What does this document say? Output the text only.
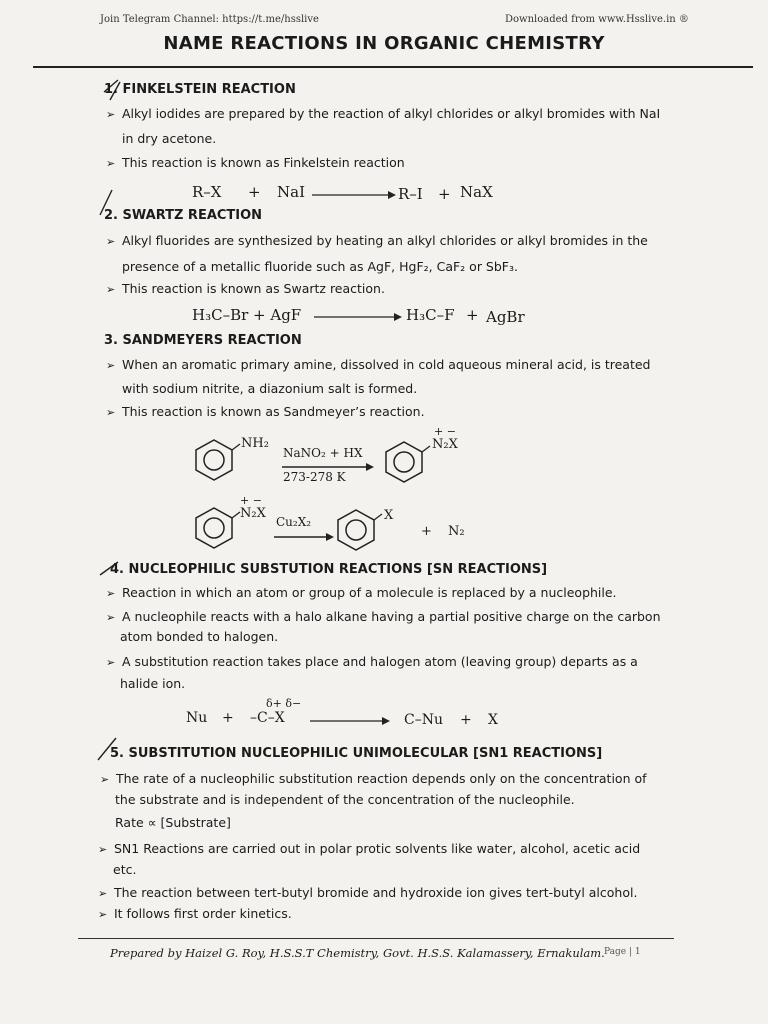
Join Telegram Channel: https://t.me/hsslive	Downloaded from www.Hsslive.in ®
NAME REACTIONS IN ORGANIC CHEMISTRY
1. FINKELSTEIN REACTION
➢ Alkyl iodides are prepared by the reaction of alkyl chlorides or alkyl bromides with NaI
in dry acetone.
➢ This reaction is known as Finkelstein reaction
R–X + NaI	R–I + NaX
2. SWARTZ REACTION
➢ Alkyl fluorides are synthesized by heating an alkyl chlorides or alkyl bromides in the
presence of a metallic fluoride such as AgF, HgF₂, CaF₂ or SbF₃.
➢ This reaction is known as Swartz reaction.
H₃C–Br + AgF	H₃C–F + AgBr
3. SANDMEYERS REACTION
➢ When an aromatic primary amine, dissolved in cold aqueous mineral acid, is treated
with sodium nitrite, a diazonium salt is formed.
➢ This reaction is known as Sandmeyer’s reaction.
NH₂
NaNO₂ + HX
273-278 K
+ −
N₂X
+ −
N₂X
Cu₂X₂	X
+ N₂
4. NUCLEOPHILIC SUBSTUTION REACTIONS [SN REACTIONS]
➢ Reaction in which an atom or group of a molecule is replaced by a nucleophile.
➢ A nucleophile reacts with a halo alkane having a partial positive charge on the carbon
atom bonded to halogen.
➢ A substitution reaction takes place and halogen atom (leaving group) departs as a
halide ion.
Nu +
δ+ δ−
–C–X	C–Nu + X
5. SUBSTITUTION NUCLEOPHILIC UNIMOLECULAR [SN1 REACTIONS]
➢ The rate of a nucleophilic substitution reaction depends only on the concentration of
the substrate and is independent of the concentration of the nucleophile.
Rate ∝ [Substrate]
➢ SN1 Reactions are carried out in polar protic solvents like water, alcohol, acetic acid
etc.
➢ The reaction between tert-butyl bromide and hydroxide ion gives tert-butyl alcohol.
➢ It follows first order kinetics.
Prepared by Haizel G. Roy, H.S.S.T Chemistry, Govt. H.S.S. Kalamassery, Ernakulam. Page | 1
